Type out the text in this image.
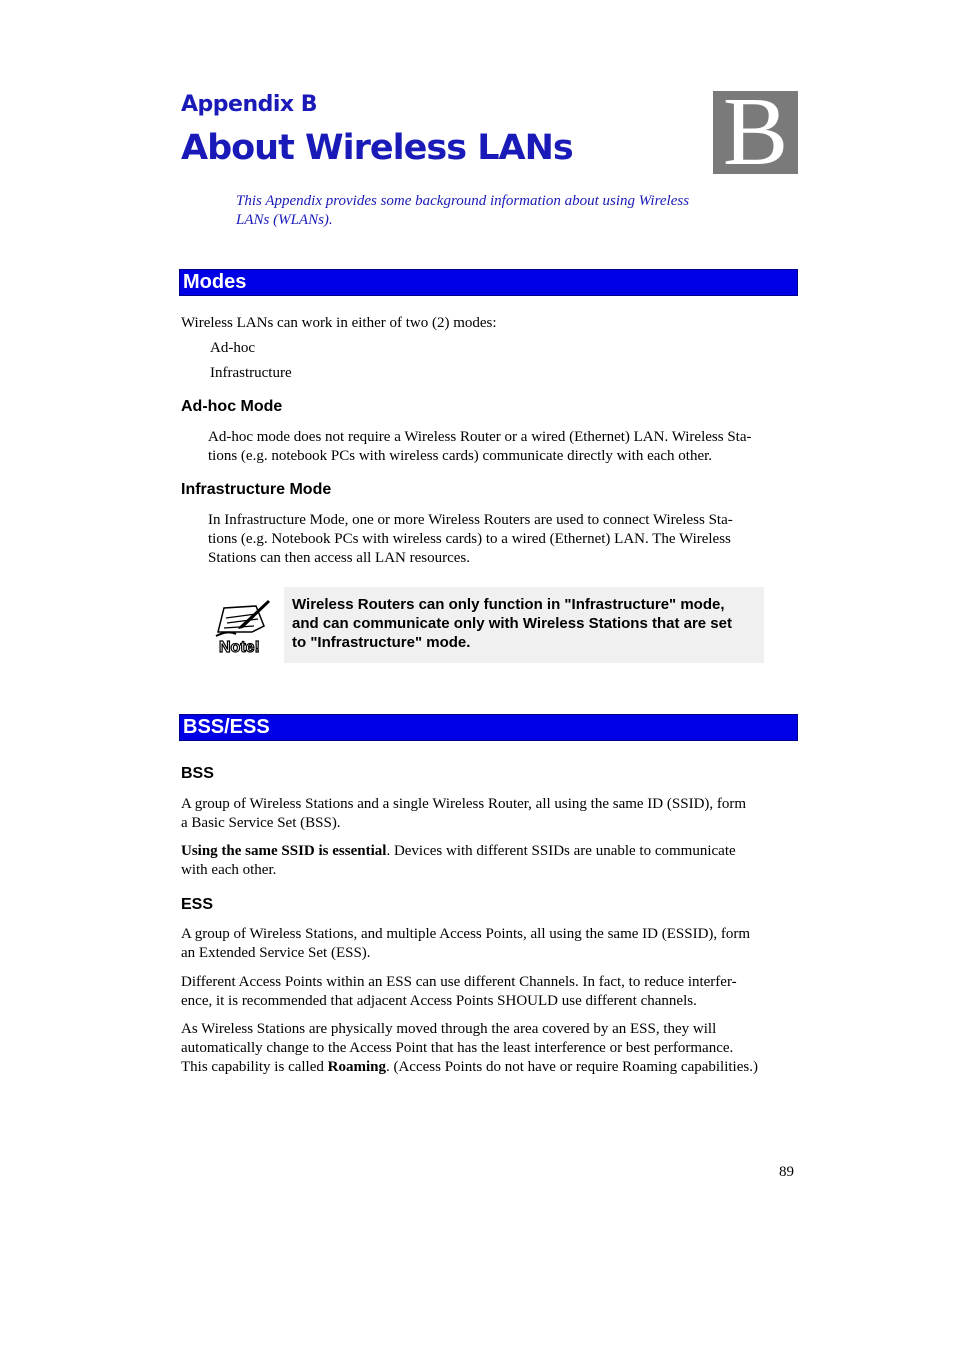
Appendix B
About Wireless LANs B
This Appendix provides some background information about using Wireless
LANs (WLANs).
Modes
Wireless LANs can work in either of two (2) modes:
Ad-hoc
Infrastructure
Ad-hoc Mode
Ad-hoc mode does not require a Wireless Router or a wired (Ethernet) LAN. Wireless Sta-
tions (e.g. notebook PCs with wireless cards) communicate directly with each other.
Infrastructure Mode
In Infrastructure Mode, one or more Wireless Routers are used to connect Wireless Sta-
tions (e.g. Notebook PCs with wireless cards) to a wired (Ethernet) LAN. The Wireless
Stations can then access all LAN resources.
Note!
Wireless Routers can only function in "Infrastructure" mode,
and can communicate only with Wireless Stations that are set
to "Infrastructure" mode.
BSS/ESS
BSS
A group of Wireless Stations and a single Wireless Router, all using the same ID (SSID), form
a Basic Service Set (BSS).
Using the same SSID is essential. Devices with different SSIDs are unable to communicate
with each other.
ESS
A group of Wireless Stations, and multiple Access Points, all using the same ID (ESSID), form
an Extended Service Set (ESS).
Different Access Points within an ESS can use different Channels. In fact, to reduce interfer-
ence, it is recommended that adjacent Access Points SHOULD use different channels.
As Wireless Stations are physically moved through the area covered by an ESS, they will
automatically change to the Access Point that has the least interference or best performance.
This capability is called Roaming. (Access Points do not have or require Roaming capabilities.)
89
